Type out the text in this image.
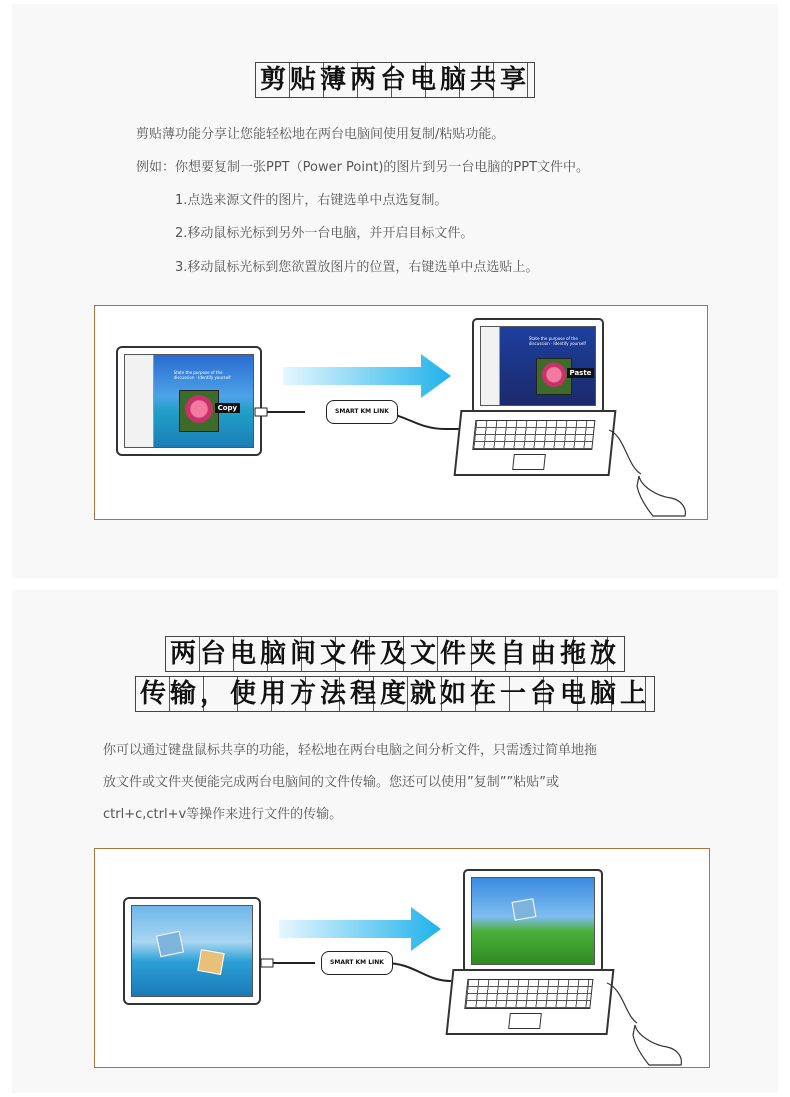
剪贴薄两台电脑共享
剪贴薄功能分享让您能轻松地在两台电脑间使用复制/粘贴功能。
例如：你想要复制一张PPT（Power Point)的图片到另一台电脑的PPT文件中。
1.点选来源文件的图片，右键选单中点选复制。
2.移动鼠标光标到另外一台电脑，并开启目标文件。
3.移动鼠标光标到您欲置放图片的位置，右键选单中点选贴上。
State the purpose of the discussion · Identify yourself
Copy	SMART KM LINK
State the purpose of the discussion · Identify yourself
Paste
两台电脑间文件及文件夹自由拖放
传输，使用方法程度就如在一台电脑上
你可以通过键盘鼠标共享的功能，轻松地在两台电脑之间分析文件，只需透过简单地拖
放文件或文件夹便能完成两台电脑间的文件传输。您还可以使用”复制””粘贴”或
ctrl+c,ctrl+v等操作来进行文件的传输。
SMART KM LINK
